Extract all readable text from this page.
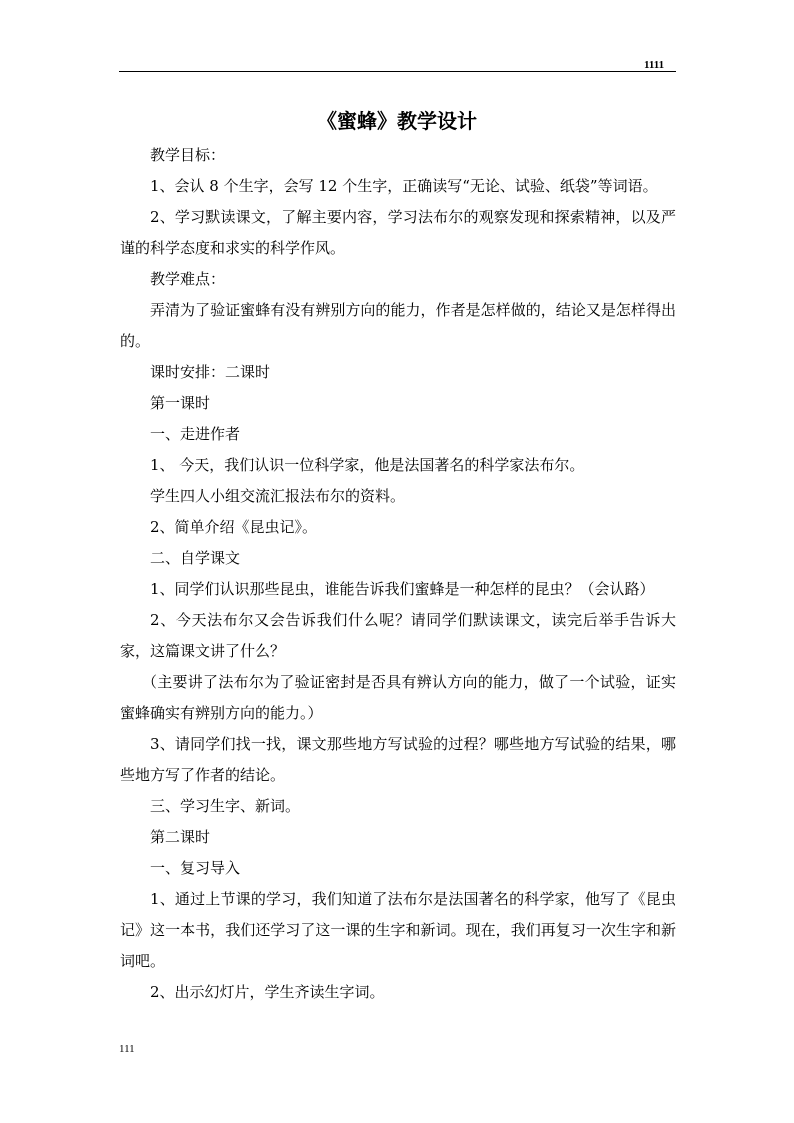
1111
《蜜蜂》教学设计

教学目标：

1、会认 8 个生字，会写 12 个生字，正确读写“无论、试验、纸袋”等词语。

2、学习默读课文，了解主要内容，学习法布尔的观察发现和探索精神，以及严谨的科学态度和求实的科学作风。

教学难点：

弄清为了验证蜜蜂有没有辨别方向的能力，作者是怎样做的，结论又是怎样得出的。

课时安排：二课时

第一课时

一、走进作者

1、 今天，我们认识一位科学家，他是法国著名的科学家法布尔。

学生四人小组交流汇报法布尔的资料。

2、简单介绍《昆虫记》。

二、自学课文

1、同学们认识那些昆虫，谁能告诉我们蜜蜂是一种怎样的昆虫？（会认路）

2、今天法布尔又会告诉我们什么呢？请同学们默读课文，读完后举手告诉大家，这篇课文讲了什么？

（主要讲了法布尔为了验证密封是否具有辨认方向的能力，做了一个试验，证实蜜蜂确实有辨别方向的能力。）

3、请同学们找一找，课文那些地方写试验的过程？哪些地方写试验的结果，哪些地方写了作者的结论。

三、学习生字、新词。

第二课时

一、复习导入

1、通过上节课的学习，我们知道了法布尔是法国著名的科学家，他写了《昆虫记》这一本书，我们还学习了这一课的生字和新词。现在，我们再复习一次生字和新词吧。

2、出示幻灯片，学生齐读生字词。

111
